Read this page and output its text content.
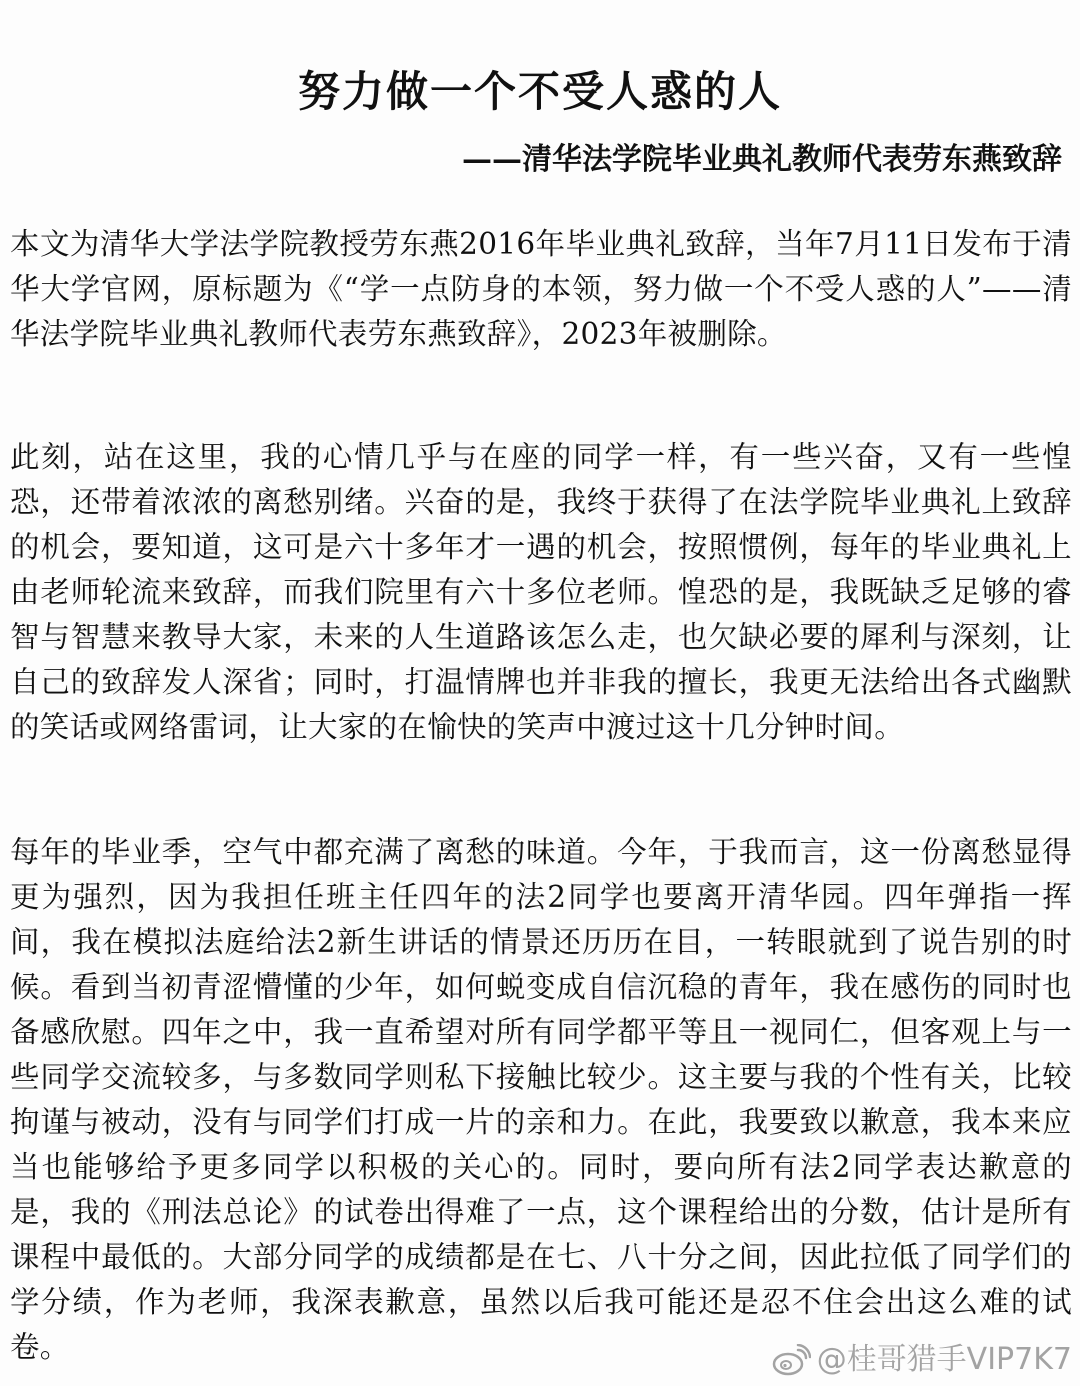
努力做一个不受人惑的人
——清华法学院毕业典礼教师代表劳东燕致辞

本文为清华大学法学院教授劳东燕2016年毕业典礼致辞，当年7月11日发布于清华大学官网，原标题为《“学一点防身的本领，努力做一个不受人惑的人”——清华法学院毕业典礼教师代表劳东燕致辞》，2023年被删除。

此刻，站在这里，我的心情几乎与在座的同学一样，有一些兴奋，又有一些惶恐，还带着浓浓的离愁别绪。兴奋的是，我终于获得了在法学院毕业典礼上致辞的机会，要知道，这可是六十多年才一遇的机会，按照惯例，每年的毕业典礼上由老师轮流来致辞，而我们院里有六十多位老师。惶恐的是，我既缺乏足够的睿智与智慧来教导大家，未来的人生道路该怎么走，也欠缺必要的犀利与深刻，让自己的致辞发人深省；同时，打温情牌也并非我的擅长，我更无法给出各式幽默的笑话或网络雷词，让大家的在愉快的笑声中渡过这十几分钟时间。

每年的毕业季，空气中都充满了离愁的味道。今年，于我而言，这一份离愁显得更为强烈，因为我担任班主任四年的法2同学也要离开清华园。四年弹指一挥间，我在模拟法庭给法2新生讲话的情景还历历在目，一转眼就到了说告别的时候。看到当初青涩懵懂的少年，如何蜕变成自信沉稳的青年，我在感伤的同时也备感欣慰。四年之中，我一直希望对所有同学都平等且一视同仁，但客观上与一些同学交流较多，与多数同学则私下接触比较少。这主要与我的个性有关，比较拘谨与被动，没有与同学们打成一片的亲和力。在此，我要致以歉意，我本来应当也能够给予更多同学以积极的关心的。同时，要向所有法2同学表达歉意的是，我的《刑法总论》的试卷出得难了一点，这个课程给出的分数，估计是所有课程中最低的。大部分同学的成绩都是在七、八十分之间，因此拉低了同学们的学分绩，作为老师，我深表歉意，虽然以后我可能还是忍不住会出这么难的试卷。	@桂哥猎手VIP7K7
